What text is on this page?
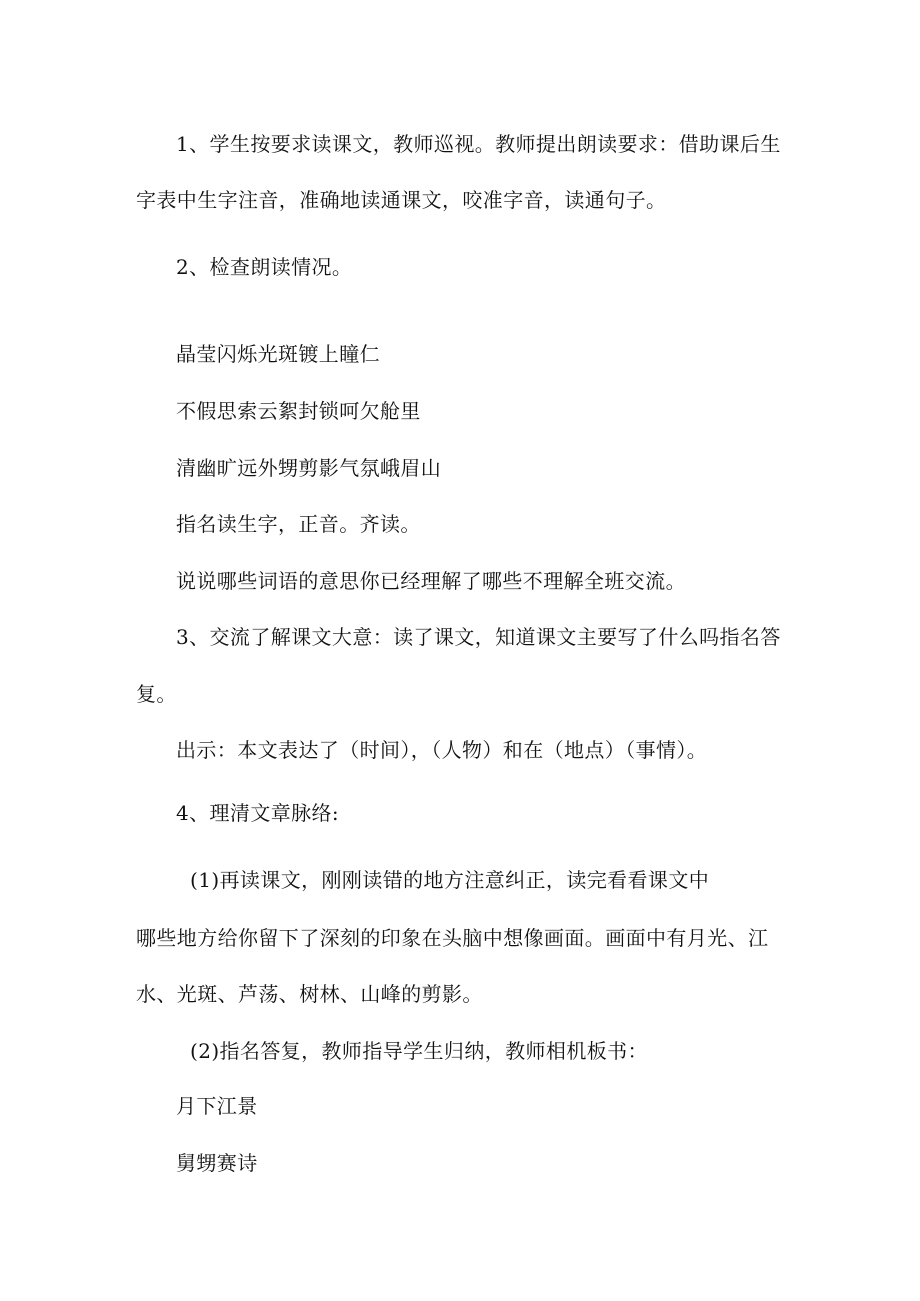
1、学生按要求读课文，教师巡视。教师提出朗读要求：借助课后生
字表中生字注音，准确地读通课文，咬准字音，读通句子。
2、检查朗读情况。
晶莹闪烁光斑镀上瞳仁
不假思索云絮封锁呵欠舱里
清幽旷远外甥剪影气氛峨眉山
指名读生字，正音。齐读。
说说哪些词语的意思你已经理解了哪些不理解全班交流。
3、交流了解课文大意：读了课文，知道课文主要写了什么吗指名答
复。
出示：本文表达了（时间），（人物）和在（地点）（事情）。
4、理清文章脉络:
(1)再读课文，刚刚读错的地方注意纠正，读完看看课文中
哪些地方给你留下了深刻的印象在头脑中想像画面。画面中有月光、江
水、光斑、芦荡、树林、山峰的剪影。
(2)指名答复，教师指导学生归纳，教师相机板书：
月下江景
舅甥赛诗
